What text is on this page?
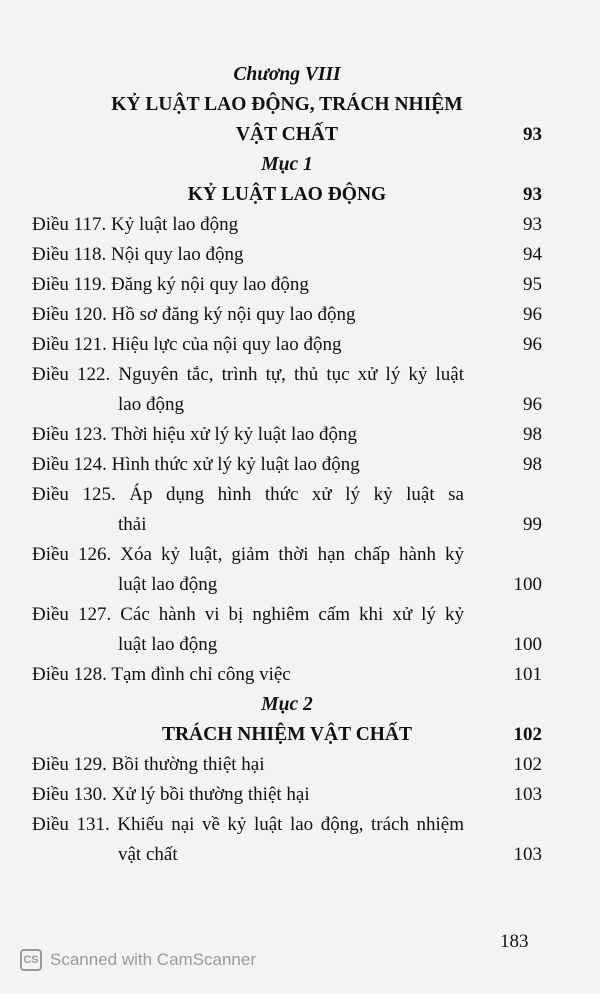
Chương VIII
KỶ LUẬT LAO ĐỘNG, TRÁCH NHIỆM
VẬT CHẤT	93
Mục 1
KỶ LUẬT LAO ĐỘNG	93
Điều 117. Kỷ luật lao động	93
Điều 118. Nội quy lao động	94
Điều 119. Đăng ký nội quy lao động	95
Điều 120. Hồ sơ đăng ký nội quy lao động	96
Điều 121. Hiệu lực của nội quy lao động	96
Điều 122. Nguyên tắc, trình tự, thủ tục xử lý kỷ luật
lao động	96
Điều 123. Thời hiệu xử lý kỷ luật lao động	98
Điều 124. Hình thức xử lý kỷ luật lao động	98
Điều 125. Áp dụng hình thức xử lý kỷ luật sa
thải	99
Điều 126. Xóa kỷ luật, giảm thời hạn chấp hành kỷ
luật lao động	100
Điều 127. Các hành vi bị nghiêm cấm khi xử lý kỷ
luật lao động	100
Điều 128. Tạm đình chỉ công việc	101
Mục 2
TRÁCH NHIỆM VẬT CHẤT	102
Điều 129. Bồi thường thiệt hại	102
Điều 130. Xử lý bồi thường thiệt hại	103
Điều 131. Khiếu nại về kỷ luật lao động, trách nhiệm
vật chất	103
183
CS Scanned with CamScanner
